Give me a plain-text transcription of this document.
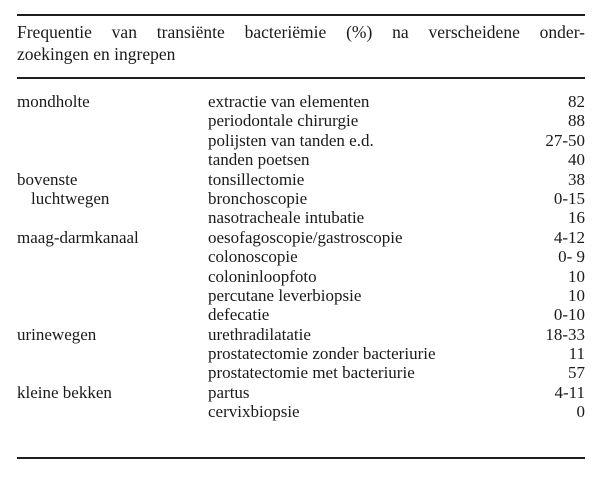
Frequentie van transiënte bacteriëmie (%) na verscheidene onder-
zoekingen en ingrepen
mondholte	extractie van elementen	82
periodontale chirurgie	88
polijsten van tanden e.d.	27-50
tanden poetsen	40
bovenste	tonsillectomie	38
luchtwegen	bronchoscopie	0-15
nasotracheale intubatie	16
maag-darmkanaal	oesofagoscopie/gastroscopie	4-12
colonoscopie	0- 9
coloninloopfoto	10
percutane leverbiopsie	10
defecatie	0-10
urinewegen	urethradilatatie	18-33
prostatectomie zonder bacteriurie	11
prostatectomie met bacteriurie	57
kleine bekken	partus	4-11
cervixbiopsie	0
